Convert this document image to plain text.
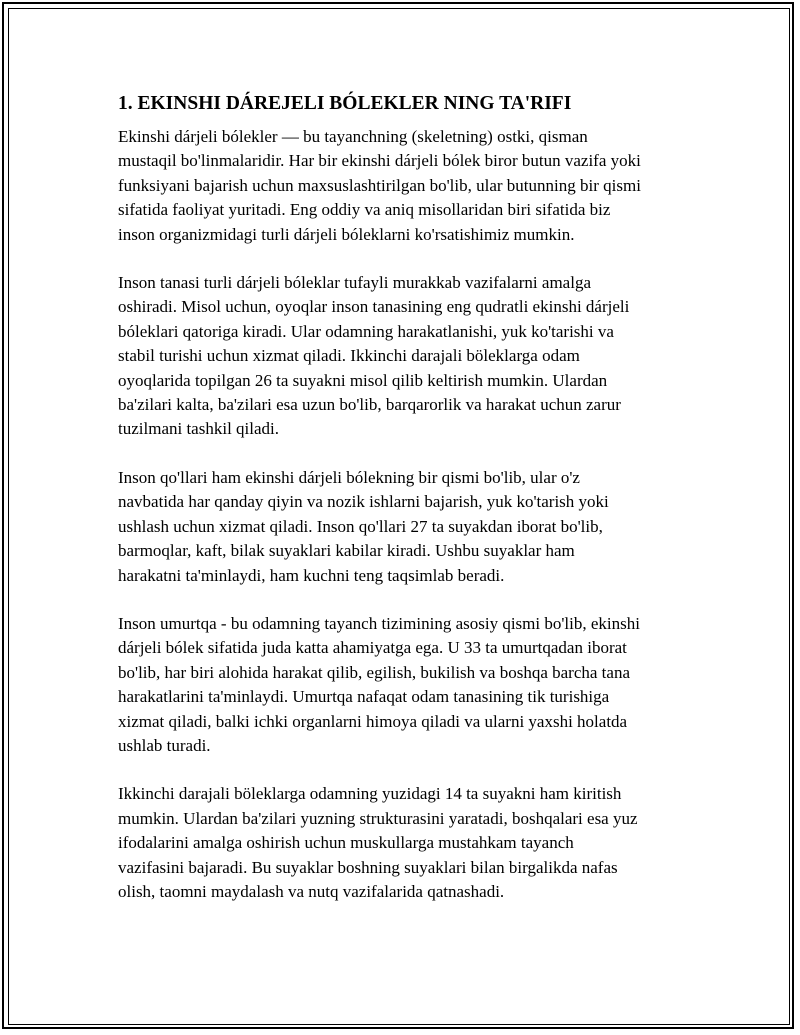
1. EKINSHI DÁREJELI BÓLEKLER NING TA'RIFI
Ekinshi dárjeli bólekler — bu tayanchning (skeletning) ostki, qisman
mustaqil bo'linmalaridir. Har bir ekinshi dárjeli bólek biror butun vazifa yoki
funksiyani bajarish uchun maxsuslashtirilgan bo'lib, ular butunning bir qismi
sifatida faoliyat yuritadi. Eng oddiy va aniq misollaridan biri sifatida biz
inson organizmidagi turli dárjeli bóleklarni ko'rsatishimiz mumkin.
Inson tanasi turli dárjeli bóleklar tufayli murakkab vazifalarni amalga
oshiradi. Misol uchun, oyoqlar inson tanasining eng qudratli ekinshi dárjeli
bóleklari qatoriga kiradi. Ular odamning harakatlanishi, yuk ko'tarishi va
stabil turishi uchun xizmat qiladi. Ikkinchi darajali böleklarga odam
oyoqlarida topilgan 26 ta suyakni misol qilib keltirish mumkin. Ulardan
ba'zilari kalta, ba'zilari esa uzun bo'lib, barqarorlik va harakat uchun zarur
tuzilmani tashkil qiladi.
Inson qo'llari ham ekinshi dárjeli bólekning bir qismi bo'lib, ular o'z
navbatida har qanday qiyin va nozik ishlarni bajarish, yuk ko'tarish yoki
ushlash uchun xizmat qiladi. Inson qo'llari 27 ta suyakdan iborat bo'lib,
barmoqlar, kaft, bilak suyaklari kabilar kiradi. Ushbu suyaklar ham
harakatni ta'minlaydi, ham kuchni teng taqsimlab beradi.
Inson umurtqa - bu odamning tayanch tizimining asosiy qismi bo'lib, ekinshi
dárjeli bólek sifatida juda katta ahamiyatga ega. U 33 ta umurtqadan iborat
bo'lib, har biri alohida harakat qilib, egilish, bukilish va boshqa barcha tana
harakatlarini ta'minlaydi. Umurtqa nafaqat odam tanasining tik turishiga
xizmat qiladi, balki ichki organlarni himoya qiladi va ularni yaxshi holatda
ushlab turadi.
Ikkinchi darajali böleklarga odamning yuzidagi 14 ta suyakni ham kiritish
mumkin. Ulardan ba'zilari yuzning strukturasini yaratadi, boshqalari esa yuz
ifodalarini amalga oshirish uchun muskullarga mustahkam tayanch
vazifasini bajaradi. Bu suyaklar boshning suyaklari bilan birgalikda nafas
olish, taomni maydalash va nutq vazifalarida qatnashadi.
